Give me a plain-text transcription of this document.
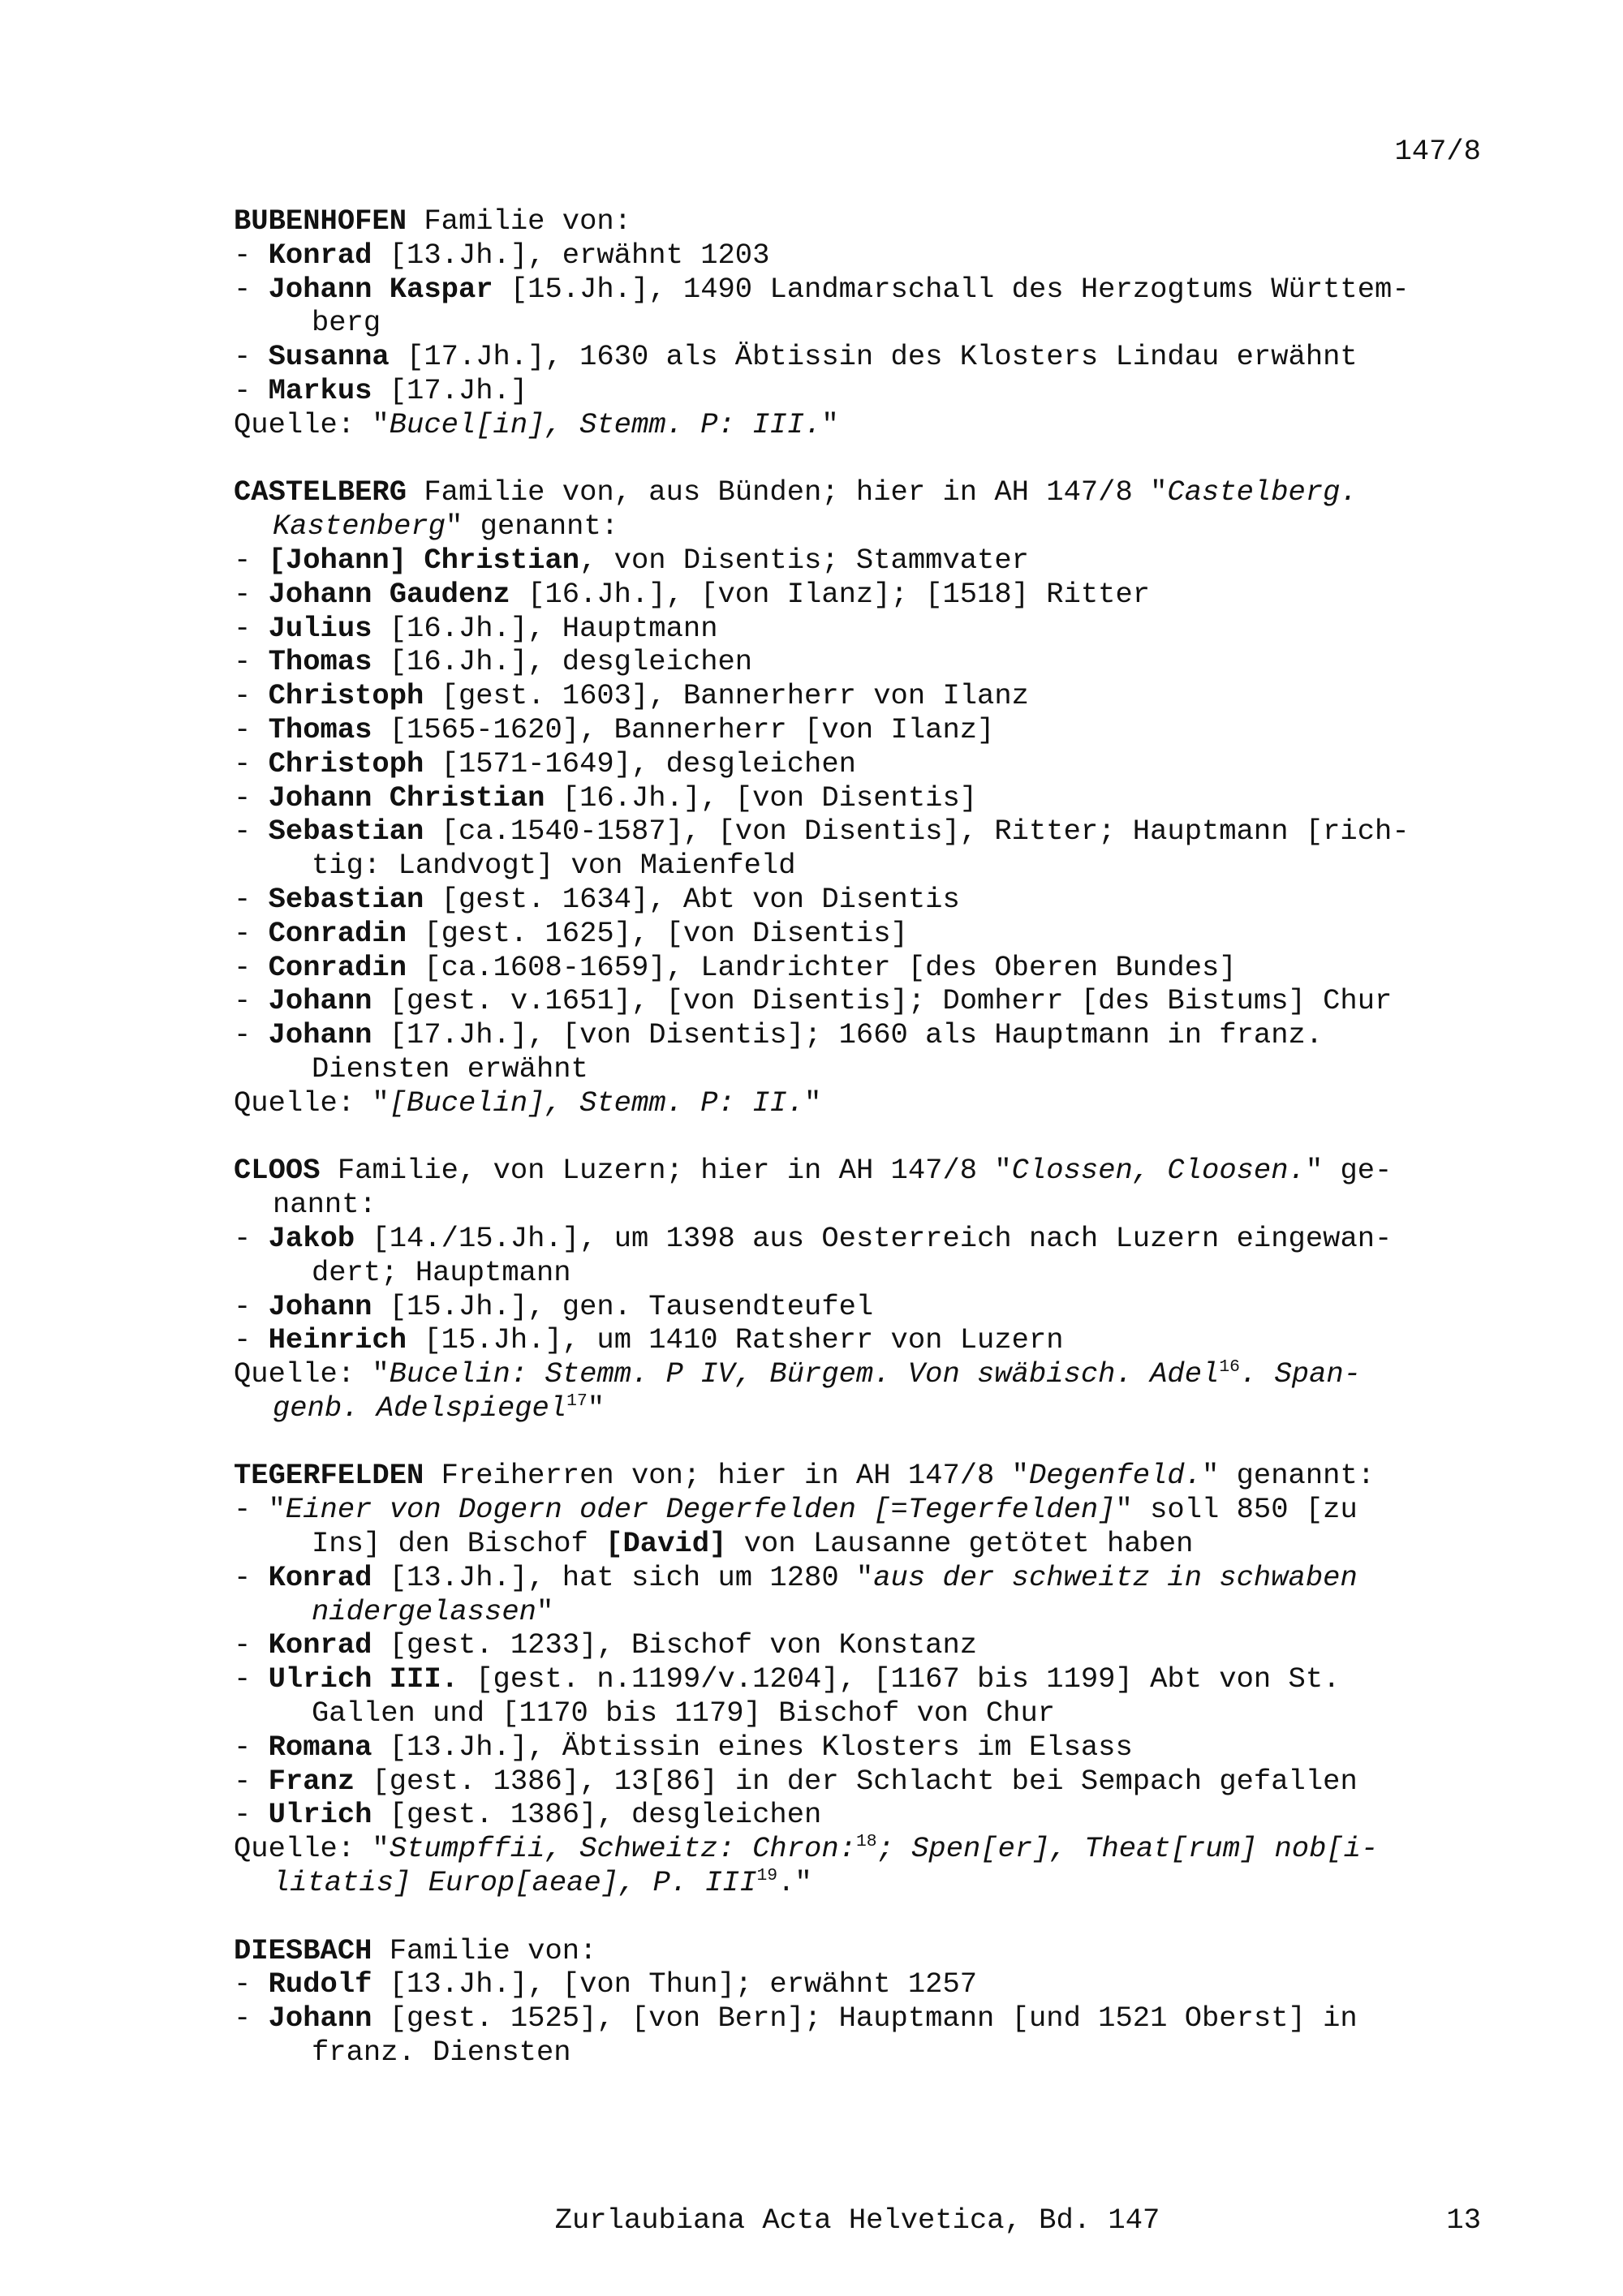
147/8
BUBENHOFEN Familie von:
- Konrad [13.Jh.], erwähnt 1203
- Johann Kaspar [15.Jh.], 1490 Landmarschall des Herzogtums Württem-
berg
- Susanna [17.Jh.], 1630 als Äbtissin des Klosters Lindau erwähnt
- Markus [17.Jh.]
Quelle: "Bucel[in], Stemm. P: III."
CASTELBERG Familie von, aus Bünden; hier in AH 147/8 "Castelberg.
Kastenberg" genannt:
- [Johann] Christian, von Disentis; Stammvater
- Johann Gaudenz [16.Jh.], [von Ilanz]; [1518] Ritter
- Julius [16.Jh.], Hauptmann
- Thomas [16.Jh.], desgleichen
- Christoph [gest. 1603], Bannerherr von Ilanz
- Thomas [1565-1620], Bannerherr [von Ilanz]
- Christoph [1571-1649], desgleichen
- Johann Christian [16.Jh.], [von Disentis]
- Sebastian [ca.1540-1587], [von Disentis], Ritter; Hauptmann [rich-
tig: Landvogt] von Maienfeld
- Sebastian [gest. 1634], Abt von Disentis
- Conradin [gest. 1625], [von Disentis]
- Conradin [ca.1608-1659], Landrichter [des Oberen Bundes]
- Johann [gest. v.1651], [von Disentis]; Domherr [des Bistums] Chur
- Johann [17.Jh.], [von Disentis]; 1660 als Hauptmann in franz.
Diensten erwähnt
Quelle: "[Bucelin], Stemm. P: II."
CLOOS Familie, von Luzern; hier in AH 147/8 "Clossen, Cloosen." ge-
nannt:
- Jakob [14./15.Jh.], um 1398 aus Oesterreich nach Luzern eingewan-
dert; Hauptmann
- Johann [15.Jh.], gen. Tausendteufel
- Heinrich [15.Jh.], um 1410 Ratsherr von Luzern
Quelle: "Bucelin: Stemm. P IV, Bürgem. Von swäbisch. Adel$^{16}$. Span-
genb. Adelspiegel$^{17}$"
TEGERFELDEN Freiherren von; hier in AH 147/8 "Degenfeld." genannt:
- "Einer von Dogern oder Degerfelden [=Tegerfelden]" soll 850 [zu
Ins] den Bischof [David] von Lausanne getötet haben
- Konrad [13.Jh.], hat sich um 1280 "aus der schweitz in schwaben
nidergelassen"
- Konrad [gest. 1233], Bischof von Konstanz
- Ulrich III. [gest. n.1199/v.1204], [1167 bis 1199] Abt von St.
Gallen und [1170 bis 1179] Bischof von Chur
- Romana [13.Jh.], Äbtissin eines Klosters im Elsass
- Franz [gest. 1386], 13[86] in der Schlacht bei Sempach gefallen
- Ulrich [gest. 1386], desgleichen
Quelle: "Stumpffii, Schweitz: Chron:$^{18}$; Spen[er], Theat[rum] nob[i-
litatis] Europ[aeae], P. III$^{19}$."
DIESBACH Familie von:
- Rudolf [13.Jh.], [von Thun]; erwähnt 1257
- Johann [gest. 1525], [von Bern]; Hauptmann [und 1521 Oberst] in
franz. Diensten
Zurlaubiana Acta Helvetica, Bd. 147	13
